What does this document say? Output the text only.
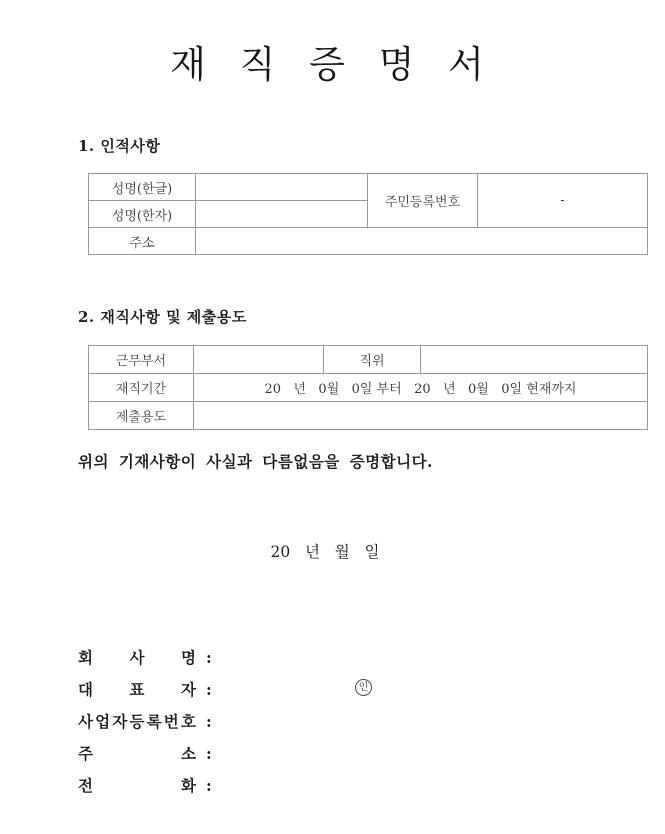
재 직 증 명 서
1. 인적사항
성명(한글)		주민등록번호	-
성명(한자)			
주소			
2. 재직사항 및 제출용도
근무부서		직위	
재직기간	20   년   0월   0일 부터   20   년   0월   0일 현재까지		
제출용도			
위의 기재사항이 사실과 다름없음을 증명합니다.
20   년   월   일
회 사 명 :
대 표 자 :	인
사 업 자 등 록 번 호 :
주	소 :
전	화 :
